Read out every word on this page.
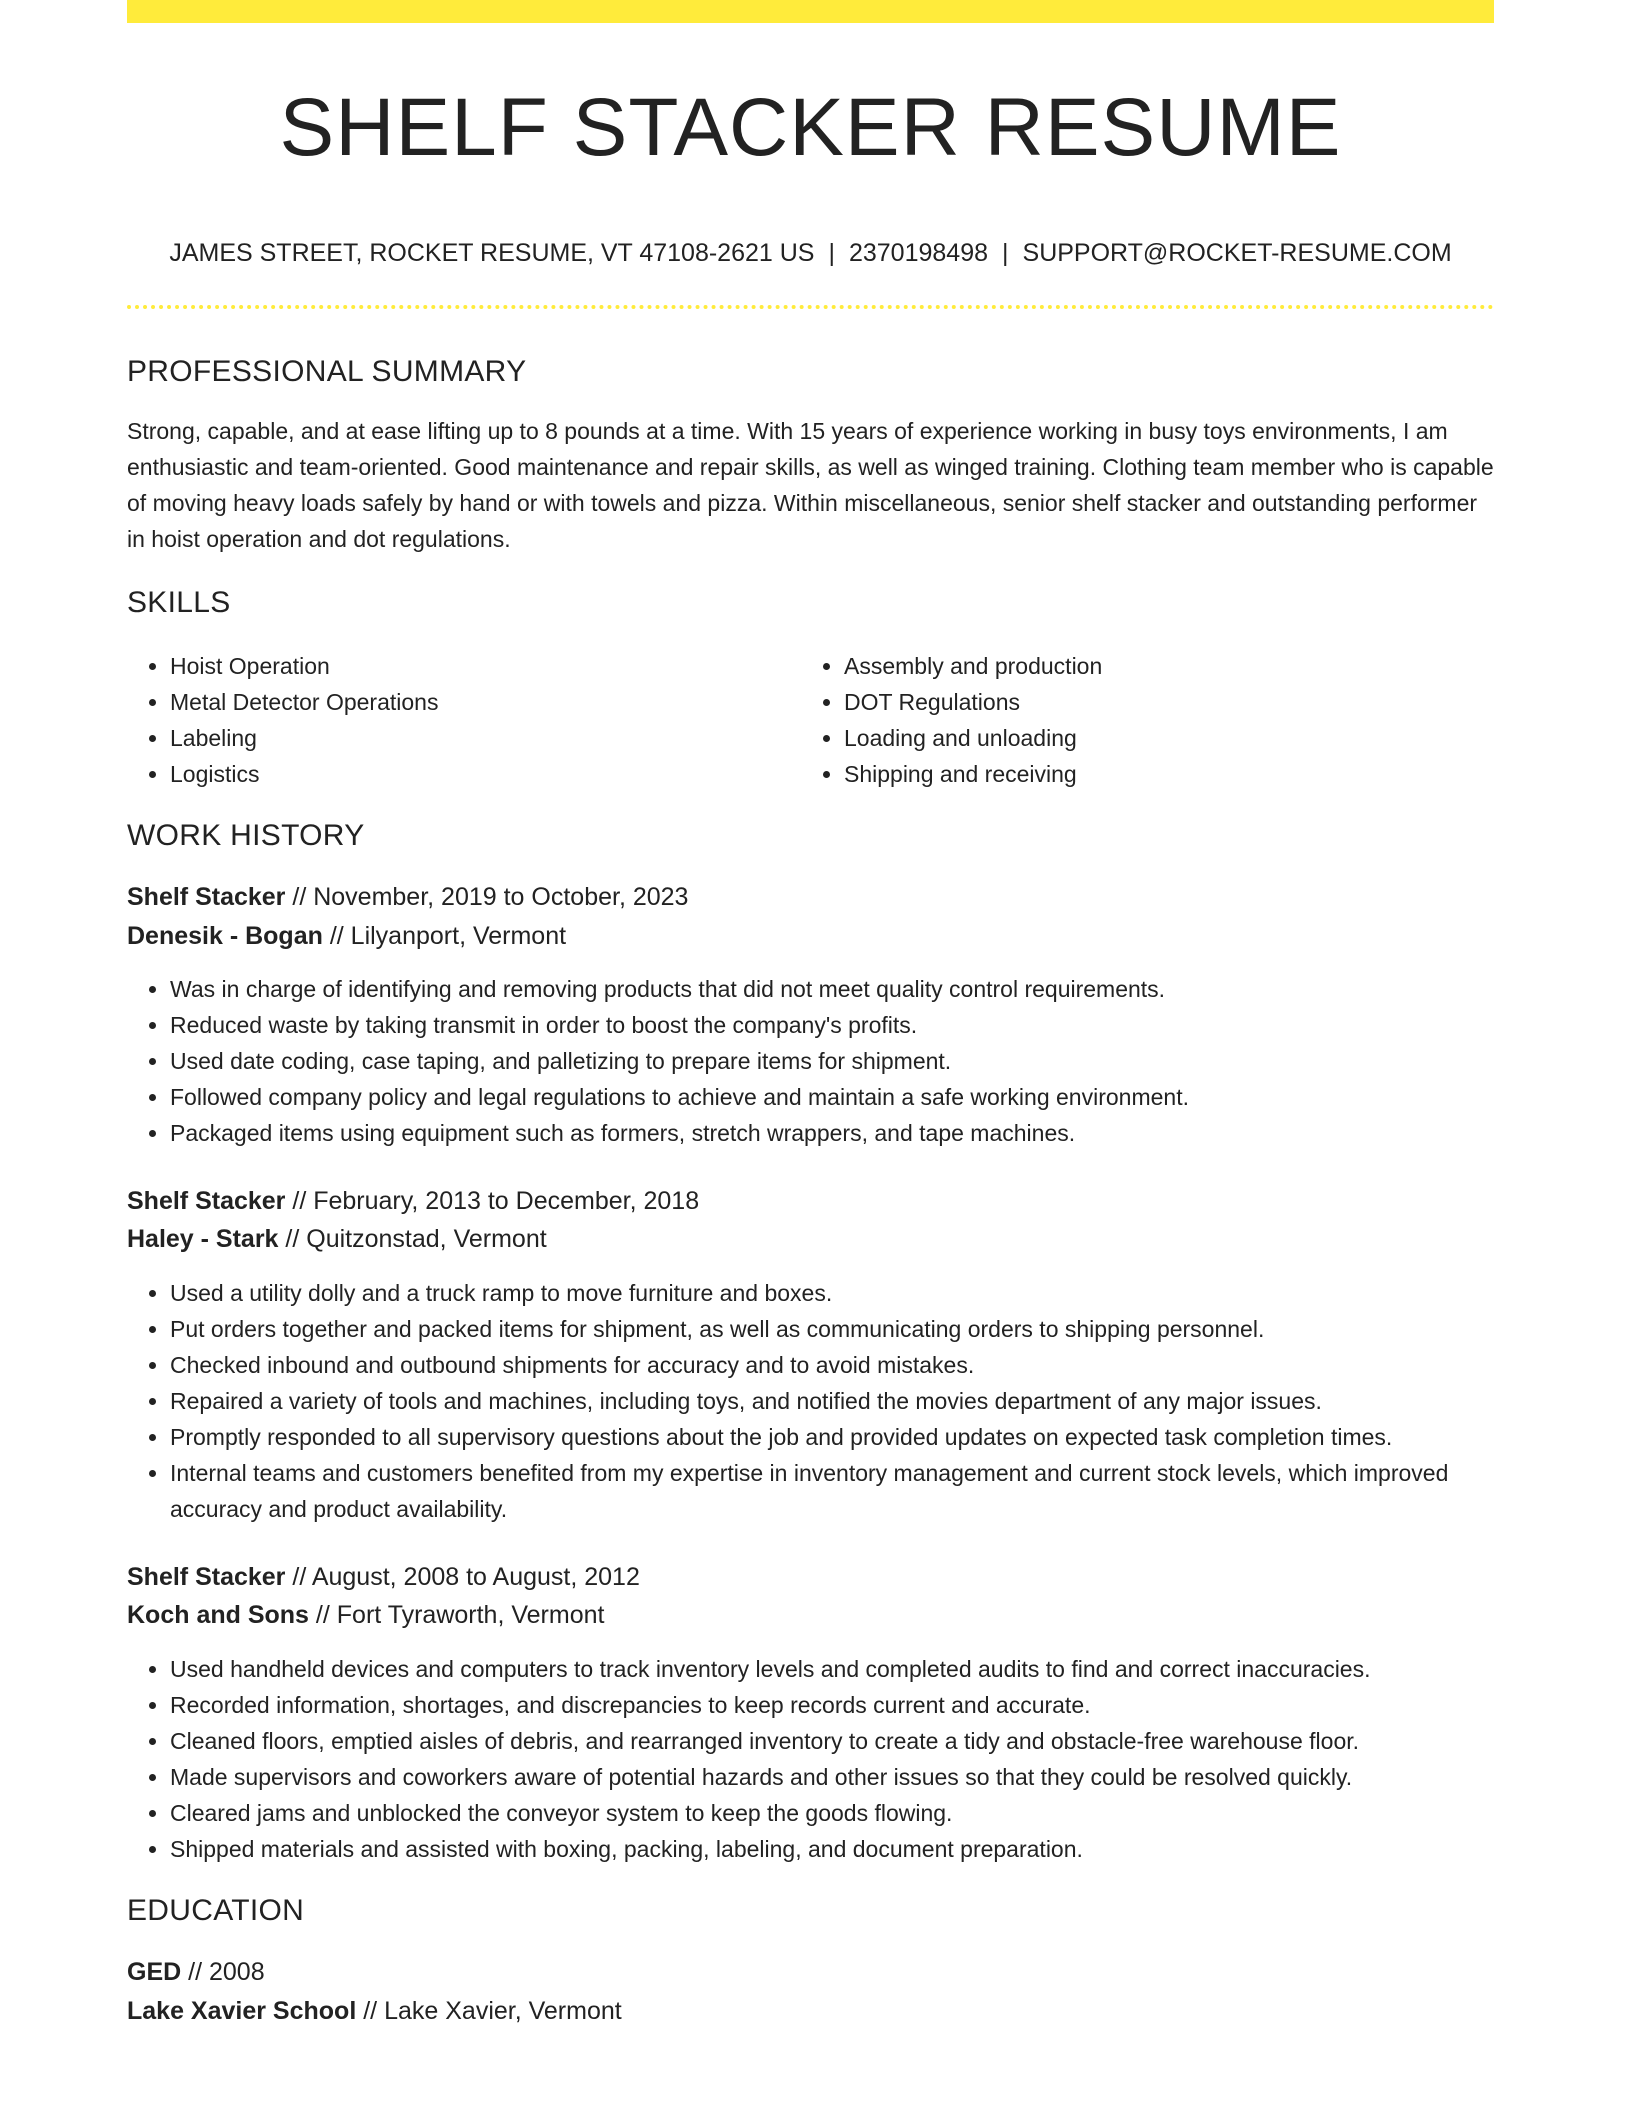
SHELF STACKER RESUME
JAMES STREET, ROCKET RESUME, VT 47108-2621 US | 2370198498 | SUPPORT@ROCKET-RESUME.COM
PROFESSIONAL SUMMARY
Strong, capable, and at ease lifting up to 8 pounds at a time. With 15 years of experience working in busy toys environments, I am enthusiastic and team-oriented. Good maintenance and repair skills, as well as winged training. Clothing team member who is capable of moving heavy loads safely by hand or with towels and pizza. Within miscellaneous, senior shelf stacker and outstanding performer in hoist operation and dot regulations.
SKILLS
• Hoist Operation
• Metal Detector Operations
• Labeling
• Logistics
• Assembly and production
• DOT Regulations
• Loading and unloading
• Shipping and receiving
WORK HISTORY
Shelf Stacker // November, 2019 to October, 2023
Denesik - Bogan // Lilyanport, Vermont
• Was in charge of identifying and removing products that did not meet quality control requirements.
• Reduced waste by taking transmit in order to boost the company's profits.
• Used date coding, case taping, and palletizing to prepare items for shipment.
• Followed company policy and legal regulations to achieve and maintain a safe working environment.
• Packaged items using equipment such as formers, stretch wrappers, and tape machines.
Shelf Stacker // February, 2013 to December, 2018
Haley - Stark // Quitzonstad, Vermont
• Used a utility dolly and a truck ramp to move furniture and boxes.
• Put orders together and packed items for shipment, as well as communicating orders to shipping personnel.
• Checked inbound and outbound shipments for accuracy and to avoid mistakes.
• Repaired a variety of tools and machines, including toys, and notified the movies department of any major issues.
• Promptly responded to all supervisory questions about the job and provided updates on expected task completion times.
• Internal teams and customers benefited from my expertise in inventory management and current stock levels, which improved accuracy and product availability.
Shelf Stacker // August, 2008 to August, 2012
Koch and Sons // Fort Tyraworth, Vermont
• Used handheld devices and computers to track inventory levels and completed audits to find and correct inaccuracies.
• Recorded information, shortages, and discrepancies to keep records current and accurate.
• Cleaned floors, emptied aisles of debris, and rearranged inventory to create a tidy and obstacle-free warehouse floor.
• Made supervisors and coworkers aware of potential hazards and other issues so that they could be resolved quickly.
• Cleared jams and unblocked the conveyor system to keep the goods flowing.
• Shipped materials and assisted with boxing, packing, labeling, and document preparation.
EDUCATION
GED // 2008
Lake Xavier School // Lake Xavier, Vermont
